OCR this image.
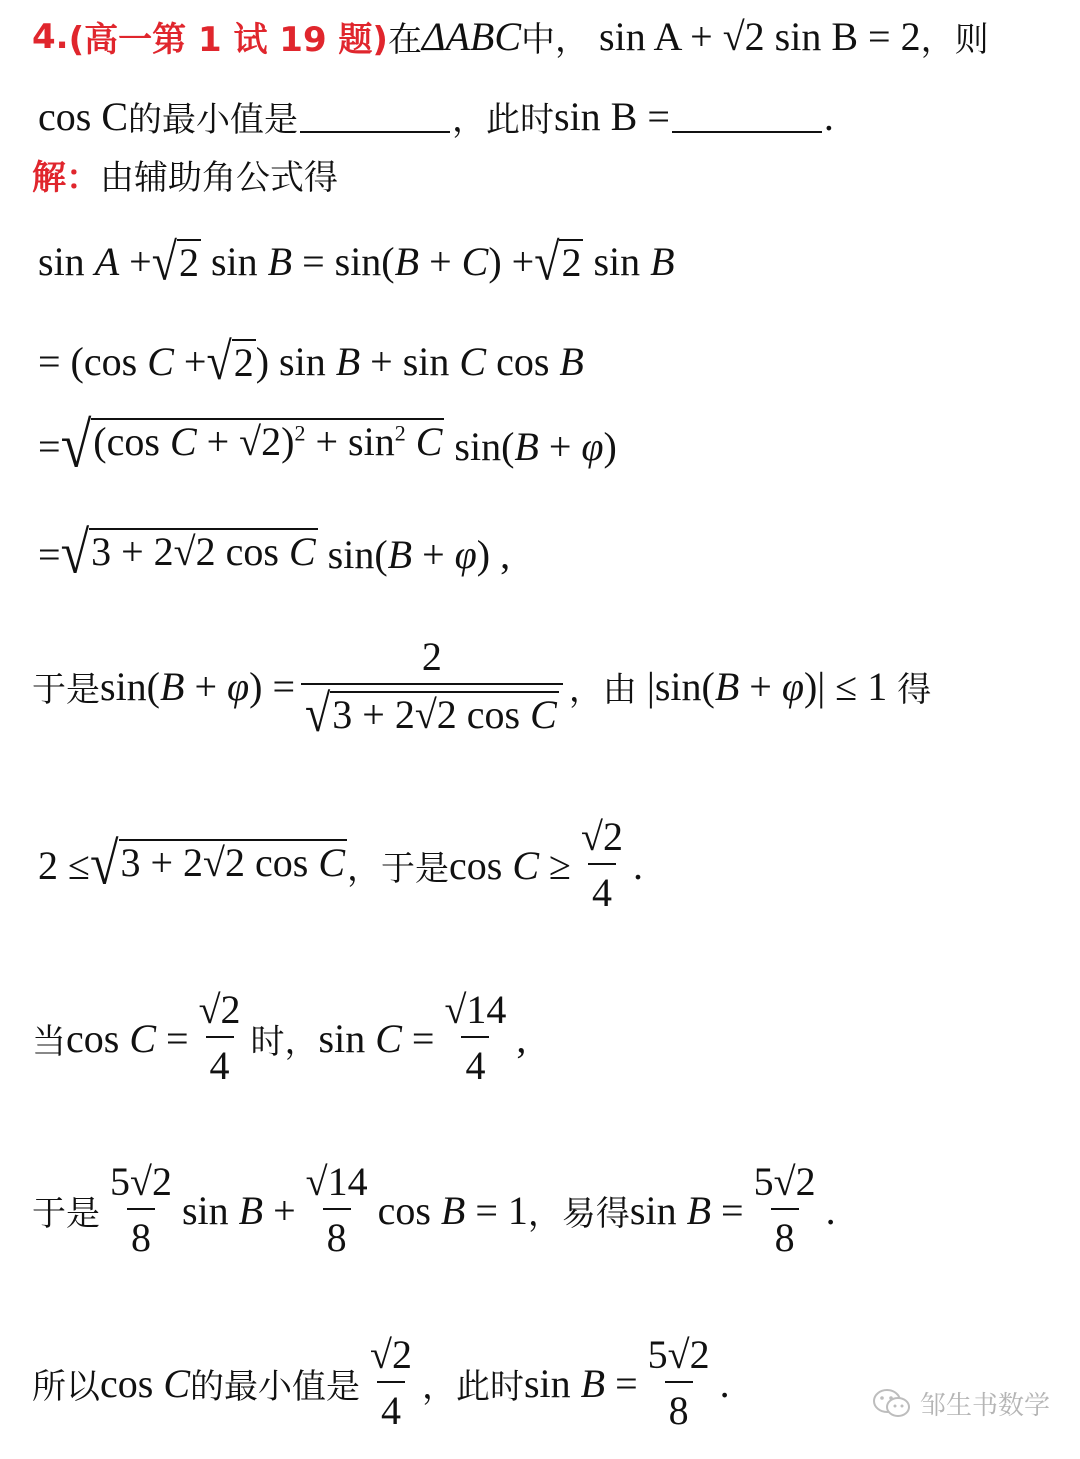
4. (高一第 1 试 19 题) 在 ΔABC 中， sin A + √2 sin B = 2 ，则
cos C 的最小值是	，此时 sin B =	.
解： 由辅助角公式得
sin A + √ 2 sin B = sin(B + C) + √ 2 sin B
= (cos C + √ 2 ) sin B + sin C cos B
= √ (cos $C + √2)^2 + \sin^2 C$ sin(B + φ)
= √ 3 + 2√2 cos C sin(B + φ) ,
于是 $\sin(B + \varphi) = \frac{2}{\text{√ 3 + 2√2 cos C}}$ ，由 |sin(B + φ)| ≤ 1 得
2 ≤ √ 3 + 2√2 cos C ，于是 $\cos C \ge \frac{√2}{4}$ .
当 $\cos C = \frac{√2}{4}$ 时， $\sin C = \frac{√14}{4}$ ,
于是 $\frac{5√2}{8}$ $\sin B + \frac{√14}{8}$ cos B = 1 ，易得 $\sin B = \frac{5√2}{8}$ .
所以 cos C 的最小值是 $\frac{√2}{4}$ ，此时 $\sin B = \frac{5√2}{8}$ .
邹生书数学
